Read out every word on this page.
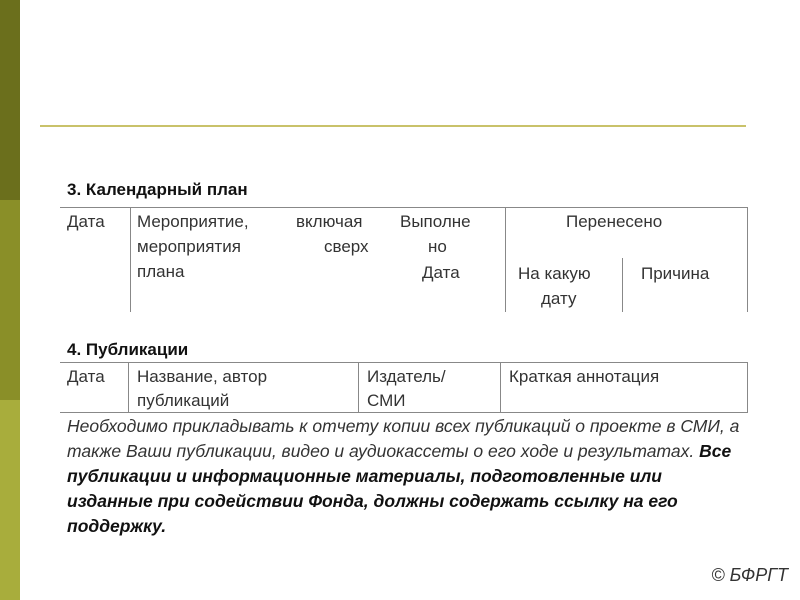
3. Календарный план
Дата Мероприятие,	включая
мероприятия	сверх
плана
Выполне
но
Дата
Перенесено
На какую
дату
Причина
4. Публикации
Дата Название, автор
публикаций
Издатель/
СМИ
Краткая аннотация
Необходимо прикладывать к отчету копии всех публикаций о проекте в СМИ, а также Ваши публикации, видео и аудиокассеты о его ходе и результатах. Все публикации и информационные материалы, подготовленные или изданные при содействии Фонда, должны содержать ссылку на его поддержку.
© БФРГТ
